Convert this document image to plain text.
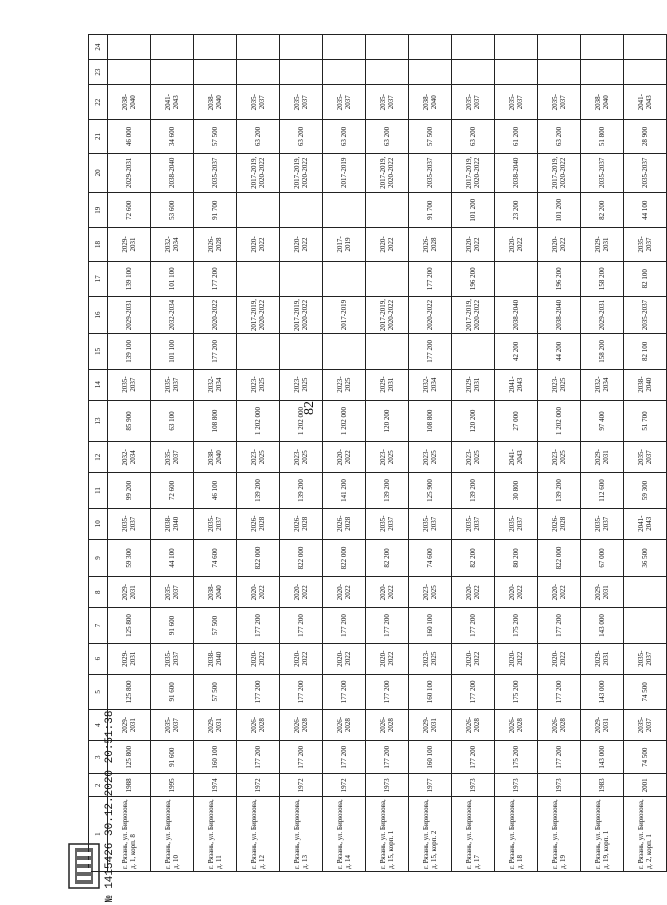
82
1	2	3	4	5	6	7	8	9	10	11	12	13	14	15	16	17	18	19	20	21	22	23	24
г. Рязань, ул. Бирюзова, д. 1, корп. 8	1988	125 800	2029-2031	125 800	2029-2031	125 800	2029-2031	59 300	2035-2037	99 200	2032-2034	85 900	2035-2037	139 100	2029-2031	139 100	2029-2031	72 600	2029-2031	46 000	2038-2040		
г. Рязань, ул. Бирюзова, д. 10	1995	91 600	2035-2037	91 600	2035-2037	91 600	2035-2037	44 100	2038-2040	72 600	2035-2037	63 100	2035-2037	101 100	2032-2034	101 100	2032-2034	53 600	2038-2040	34 600	2041-2043		
г. Рязань, ул. Бирюзова, д. 11	1974	160 100	2029-2031	57 500	2038-2040	57 500	2038-2040	74 600	2035-2037	46 100	2038-2040	108 800	2032-2034	177 200	2020-2022	177 200	2026-2028	91 700	2035-2037	57 500	2038-2040		
г. Рязань, ул. Бирюзова, д. 12	1972	177 200	2026-2028	177 200	2020-2022	177 200	2020-2022	822 000	2026-2028	139 200	2023-2025	1 202 000	2023-2025		2017-2019, 2020-2022		2020-2022		2017-2019, 2020-2022	63 200	2035-2037		
г. Рязань, ул. Бирюзова, д. 13	1972	177 200	2026-2028	177 200	2020-2022	177 200	2020-2022	822 000	2026-2028	139 200	2023-2025	1 202 000	2023-2025		2017-2019, 2020-2022		2020-2022		2017-2019, 2020-2022	63 200	2035-2037		
г. Рязань, ул. Бирюзова, д. 14	1972	177 200	2026-2028	177 200	2020-2022	177 200	2020-2022	822 000	2026-2028	141 200	2020-2022	1 202 000	2023-2025		2017-2019		2017-2019		2017-2019	63 200	2035-2037		
г. Рязань, ул. Бирюзова, д. 15, корп. 1	1973	177 200	2026-2028	177 200	2020-2022	177 200	2020-2022	82 200	2035-2037	139 200	2023-2025	120 200	2029-2031		2017-2019, 2020-2022		2020-2022		2017-2019, 2020-2022	63 200	2035-2037		
г. Рязань, ул. Бирюзова, д. 15, корп. 2	1977	160 100	2029-2031	160 100	2023-2025	160 100	2023-2025	74 600	2035-2037	125 900	2023-2025	108 800	2032-2034	177 200	2020-2022	177 200	2026-2028	91 700	2035-2037	57 500	2038-2040		
г. Рязань, ул. Бирюзова, д. 17	1973	177 200	2026-2028	177 200	2020-2022	177 200	2020-2022	82 200	2035-2037	139 200	2023-2025	120 200	2029-2031		2017-2019, 2020-2022	196 200	2020-2022	101 200	2017-2019, 2020-2022	63 200	2035-2037		
г. Рязань, ул. Бирюзова, д. 18	1973	175 200	2026-2028	175 200	2020-2022	175 200	2020-2022	80 200	2035-2037	30 800	2041-2043	27 000	2041-2043	42 200	2038-2040		2020-2022	23 200	2038-2040	61 200	2035-2037		
г. Рязань, ул. Бирюзова, д. 19	1973	177 200	2026-2028	177 200	2020-2022	177 200	2020-2022	822 000	2026-2028	139 200	2023-2025	1 202 000	2023-2025	44 200	2038-2040	196 200	2020-2022	101 200	2017-2019, 2020-2022	63 200	2035-2037		
г. Рязань, ул. Бирюзова, д. 19, корп. 1	1983	143 000	2029-2031	143 000	2029-2031	143 000	2029-2031	67 000	2035-2037	112 600	2029-2031	97 400	2032-2034	158 200	2029-2031	158 200	2029-2031	82 200	2035-2037	51 800	2038-2040		
г. Рязань, ул. Бирюзова, д. 2, корп. 1	2001	74 500	2035-2037	74 500	2035-2037			36 500	2041-2043	59 300	2035-2037	51 700	2038-2040	82 100	2035-2037	82 100	2035-2037	44 100	2035-2037	28 900	2041-2043		
№ 1415426 30.12.2020 20:51:38
